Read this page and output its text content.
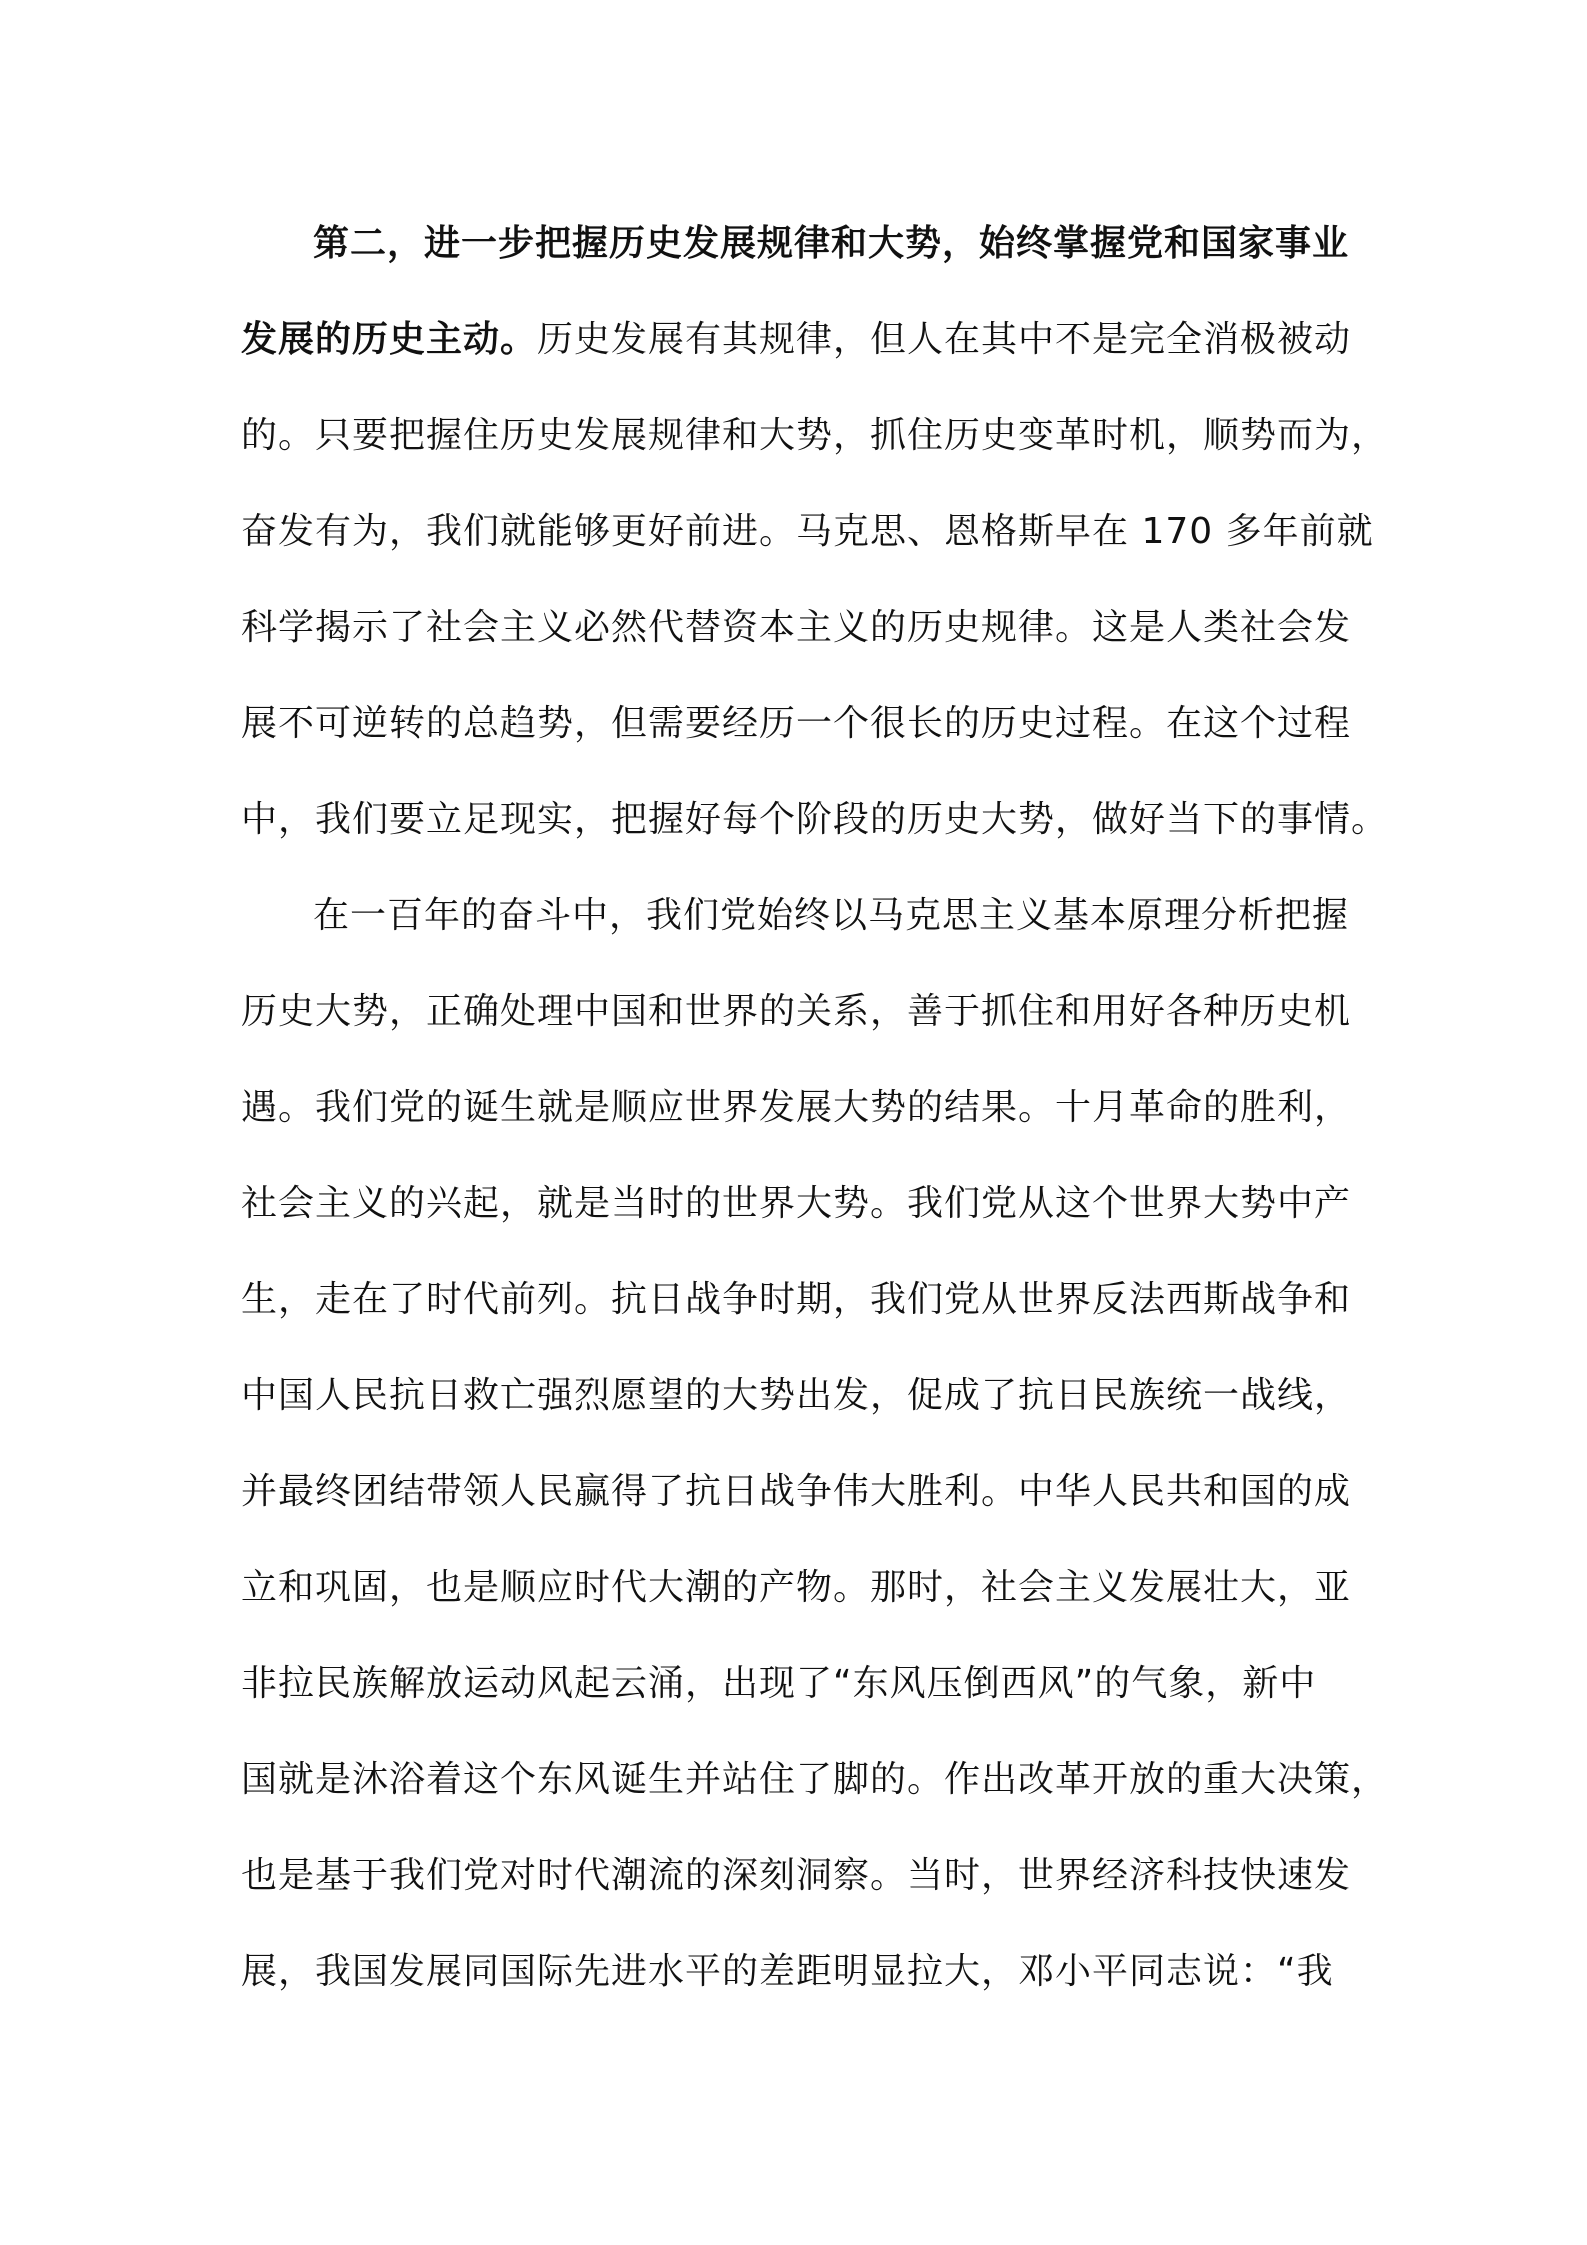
第二，进一步把握历史发展规律和大势，始终掌握党和国家事业
发展的历史主动。历史发展有其规律，但人在其中不是完全消极被动
的。只要把握住历史发展规律和大势，抓住历史变革时机，顺势而为，
奋发有为，我们就能够更好前进。马克思、恩格斯早在 170 多年前就
科学揭示了社会主义必然代替资本主义的历史规律。这是人类社会发
展不可逆转的总趋势，但需要经历一个很长的历史过程。在这个过程
中，我们要立足现实，把握好每个阶段的历史大势，做好当下的事情。
在一百年的奋斗中，我们党始终以马克思主义基本原理分析把握
历史大势，正确处理中国和世界的关系，善于抓住和用好各种历史机
遇。我们党的诞生就是顺应世界发展大势的结果。十月革命的胜利，
社会主义的兴起，就是当时的世界大势。我们党从这个世界大势中产
生，走在了时代前列。抗日战争时期，我们党从世界反法西斯战争和
中国人民抗日救亡强烈愿望的大势出发，促成了抗日民族统一战线，
并最终团结带领人民赢得了抗日战争伟大胜利。中华人民共和国的成
立和巩固，也是顺应时代大潮的产物。那时，社会主义发展壮大，亚
非拉民族解放运动风起云涌，出现了“东风压倒西风”的气象，新中
国就是沐浴着这个东风诞生并站住了脚的。作出改革开放的重大决策，
也是基于我们党对时代潮流的深刻洞察。当时，世界经济科技快速发
展，我国发展同国际先进水平的差距明显拉大，邓小平同志说：“我
